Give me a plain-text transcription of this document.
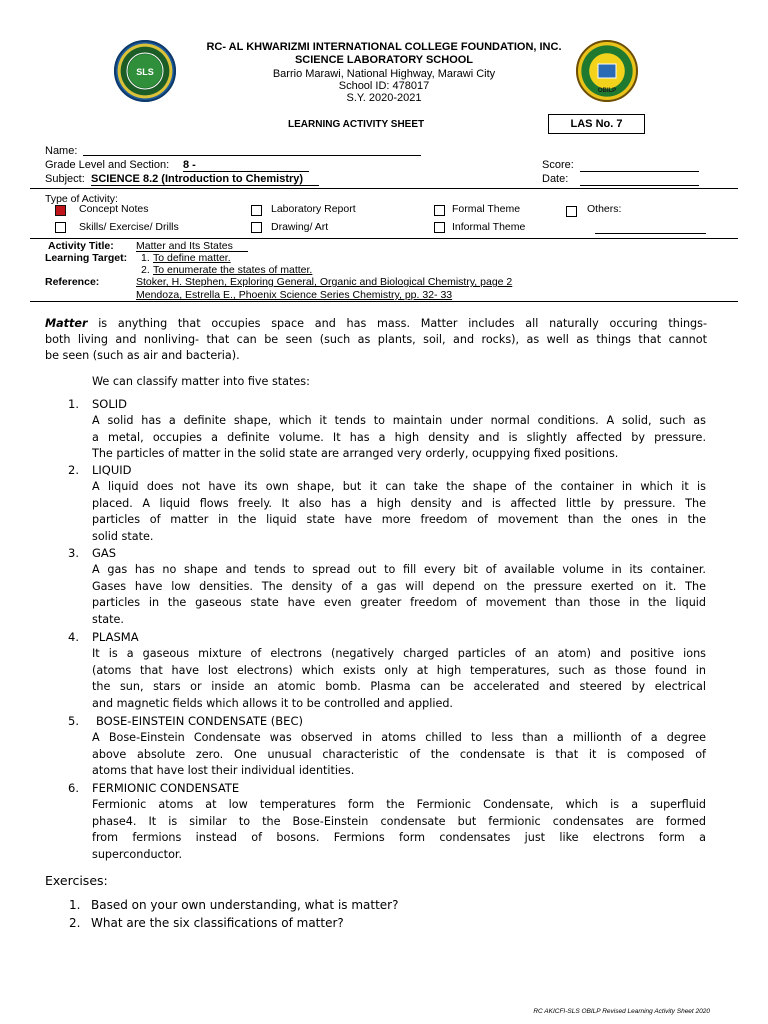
SLS
OBILP
RC- AL KHWARIZMI INTERNATIONAL COLLEGE FOUNDATION, INC.
SCIENCE LABORATORY SCHOOL
Barrio Marawi, National Highway, Marawi City
School ID: 478017
S.Y. 2020-2021
LEARNING ACTIVITY SHEET	LAS No. 7
Name:
Grade Level and Section: 8 -
Subject: SCIENCE 8.2 (Introduction to Chemistry)
Score:
Date:
Type of Activity:
Concept Notes	Laboratory Report	Formal Theme	Others:
Skills/ Exercise/ Drills	Drawing/ Art	Informal Theme
Activity Title: Matter and Its States
Learning Target: 1. To define matter.
2. To enumerate the states of matter.
Reference:	Stoker, H. Stephen, Exploring General, Organic and Biological Chemistry, page 2
Mendoza, Estrella E., Phoenix Science Series Chemistry, pp. 32- 33
Matter is anything that occupies space and has mass. Matter includes all naturally occuring things-
both living and nonliving- that can be seen (such as plants, soil, and rocks), as well as things that cannot
be seen (such as air and bacteria).
We can classify matter into five states:
1. SOLID
A solid has a definite shape, which it tends to maintain under normal conditions. A solid, such as
a metal, occupies a definite volume. It has a high density and is slightly affected by pressure.
The particles of matter in the solid state are arranged very orderly, ocuppying fixed positions.
2. LIQUID
A liquid does not have its own shape, but it can take the shape of the container in which it is
placed. A liquid flows freely. It also has a high density and is affected little by pressure. The
particles of matter in the liquid state have more freedom of movement than the ones in the
solid state.
3. GAS
A gas has no shape and tends to spread out to fill every bit of available volume in its container.
Gases have low densities. The density of a gas will depend on the pressure exerted on it. The
particles in the gaseous state have even greater freedom of movement than those in the liquid
state.
4. PLASMA
It is a gaseous mixture of electrons (negatively charged particles of an atom) and positive ions
(atoms that have lost electrons) which exists only at high temperatures, such as those found in
the sun, stars or inside an atomic bomb. Plasma can be accelerated and steered by electrical
and magnetic fields which allows it to be controlled and applied.
5. BOSE-EINSTEIN CONDENSATE (BEC)
A Bose-Einstein Condensate was observed in atoms chilled to less than a millionth of a degree
above absolute zero. One unusual characteristic of the condensate is that it is composed of
atoms that have lost their individual identities.
6. FERMIONIC CONDENSATE
Fermionic atoms at low temperatures form the Fermionic Condensate, which is a superfluid
phase4. It is similar to the Bose-Einstein condensate but fermionic condensates are formed
from fermions instead of bosons. Fermions form condensates just like electrons form a
superconductor.
Exercises:
1. Based on your own understanding, what is matter?
2. What are the six classifications of matter?
RC AKICFI-SLS OBILP Revised Learning Activity Sheet 2020
